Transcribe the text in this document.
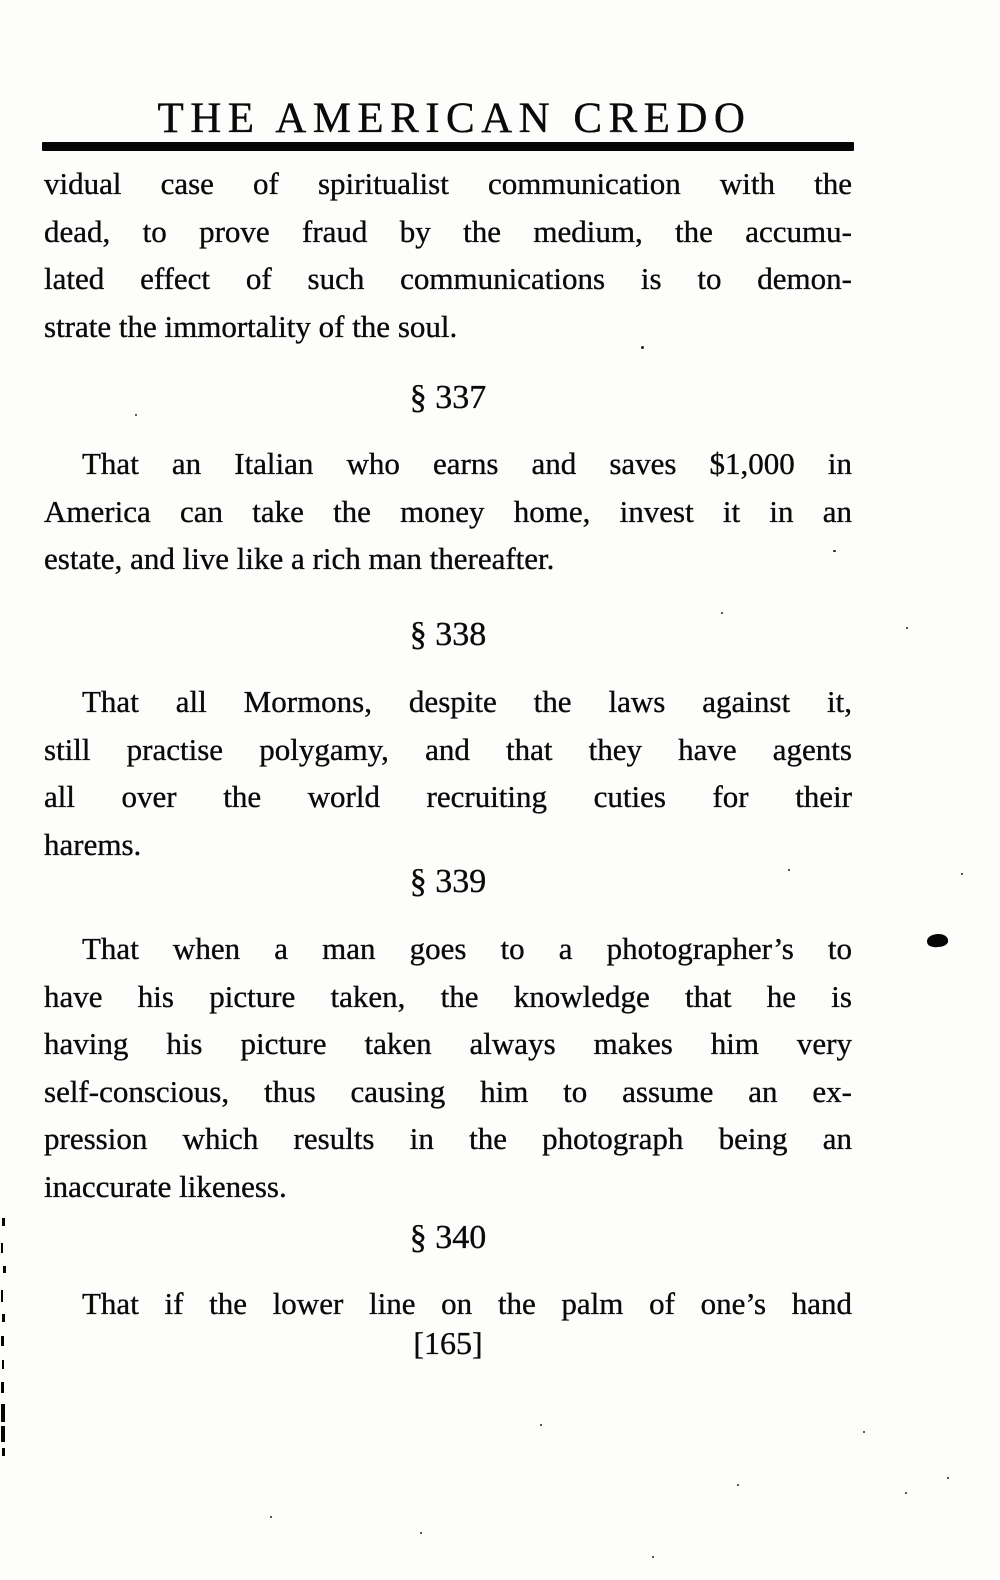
THE AMERICAN CREDO
vidual case of spiritualist communication with the
dead, to prove fraud by the medium, the accumu-
lated effect of such communications is to demon-
strate the immortality of the soul.
§ 337
That an Italian who earns and saves $1,000 in
America can take the money home, invest it in an
estate, and live like a rich man thereafter.
§ 338
That all Mormons, despite the laws against it,
still practise polygamy, and that they have agents
all over the world recruiting cuties for their
harems.
§ 339
That when a man goes to a photographer’s to
have his picture taken, the knowledge that he is
having his picture taken always makes him very
self-conscious, thus causing him to assume an ex-
pression which results in the photograph being an
inaccurate likeness.
§ 340
That if the lower line on the palm of one’s hand
[165]
